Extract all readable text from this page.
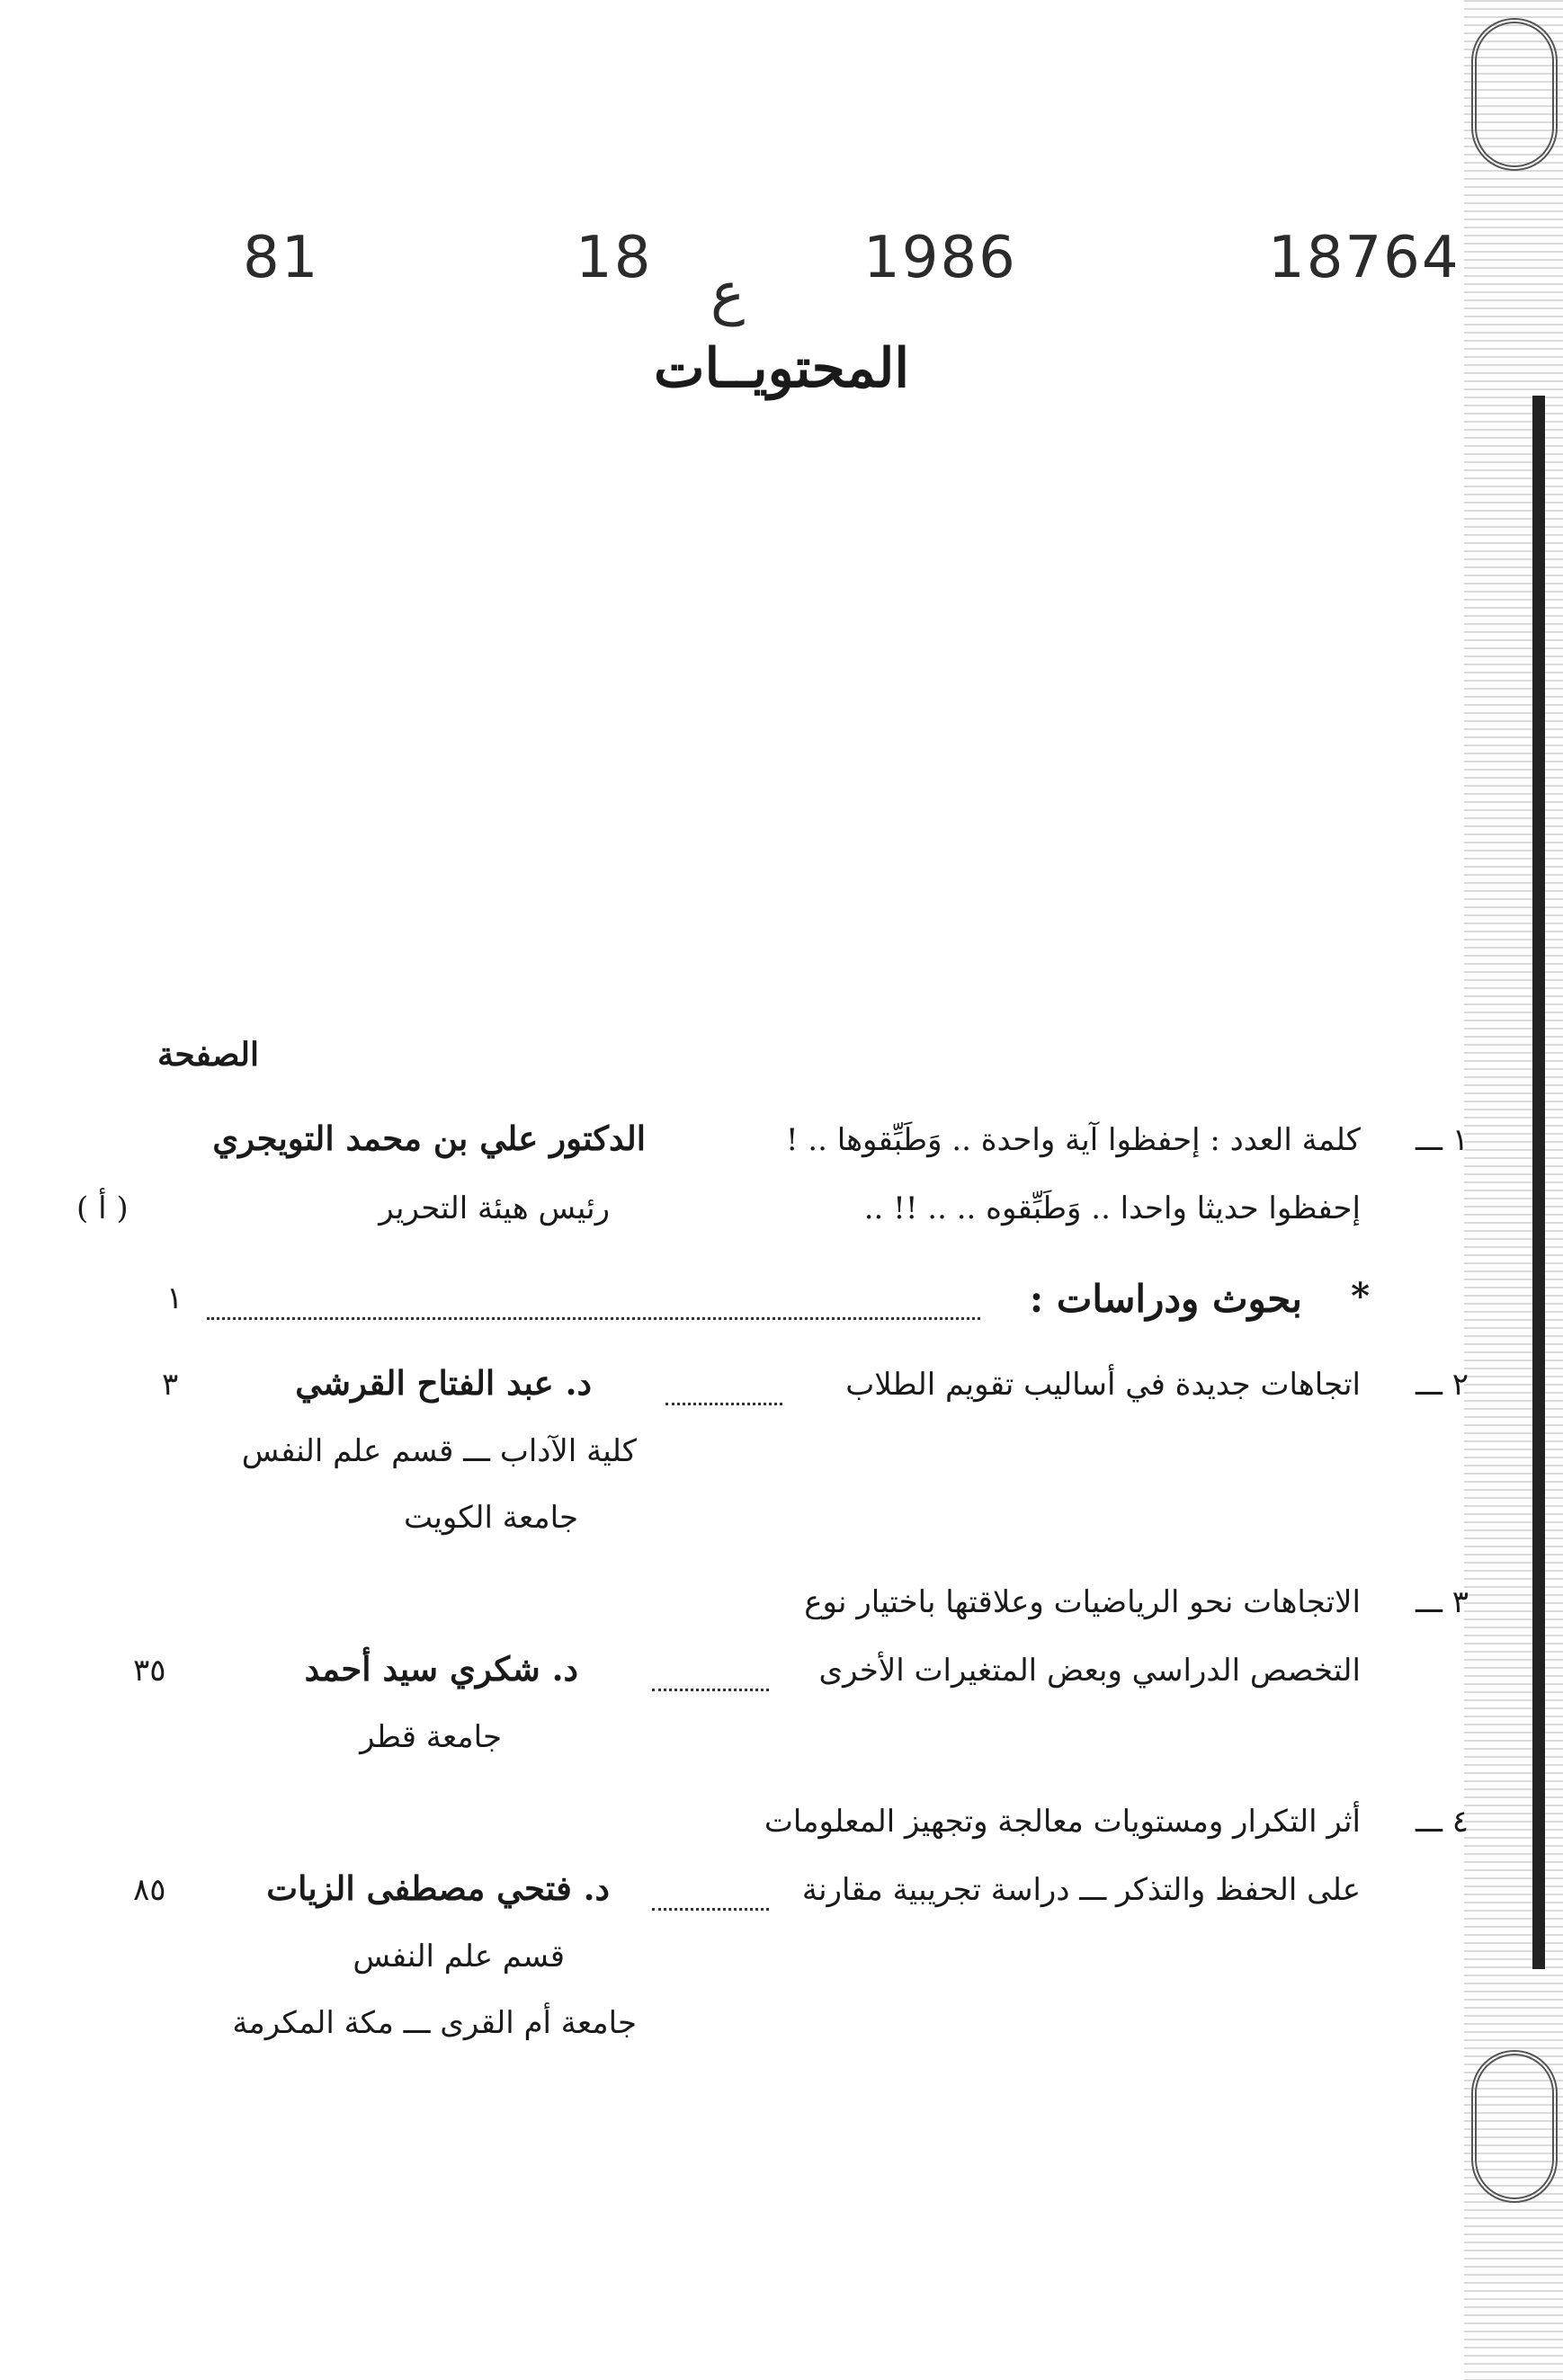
18764
1986
ع
18
81
المحتويــات
الصفحة
١ ـــ
كلمة العدد : إحفظوا آية واحدة .. وَطَبِّقوها .. !
الدكتور علي بن محمد التويجري
إحفظوا حديثا واحدا .. وَطَبِّقوه .. .. !! ..
رئيس هيئة التحرير
( أ )
*
بحوث ودراسات :
١
٢ ـــ
اتجاهات جديدة في أساليب تقويم الطلاب
د. عبد الفتاح القرشي
٣
كلية الآداب ـــ قسم علم النفس
جامعة الكويت
٣ ـــ
الاتجاهات نحو الرياضيات وعلاقتها باختيار نوع
التخصص الدراسي وبعض المتغيرات الأخرى
د. شكري سيد أحمد
٣٥
جامعة قطر
٤ ـــ
أثر التكرار ومستويات معالجة وتجهيز المعلومات
على الحفظ والتذكر ـــ دراسة تجريبية مقارنة
د. فتحي مصطفى الزيات
٨٥
قسم علم النفس
جامعة أم القرى ـــ مكة المكرمة
